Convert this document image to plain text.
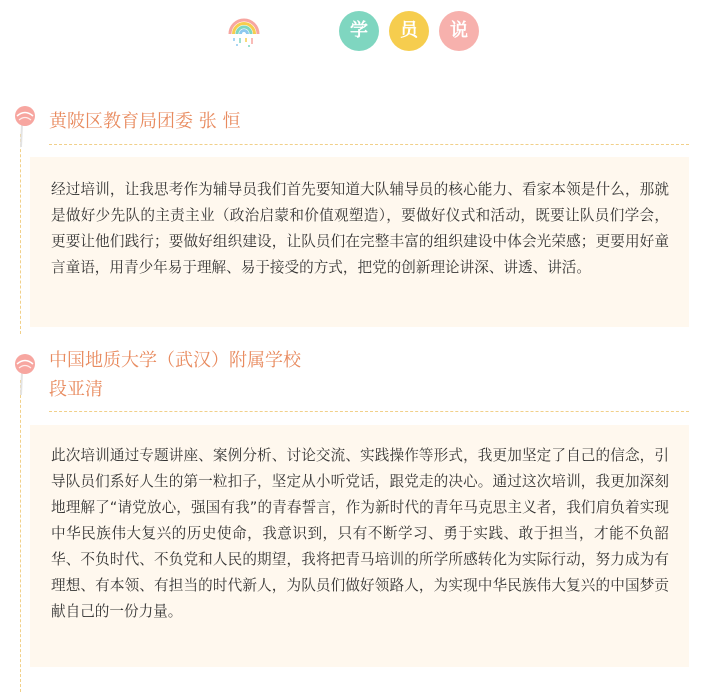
学	员	说
黄陂区教育局团委 张 恒

经过培训，让我思考作为辅导员我们首先要知道大队辅导员的核心能力、看家本领是什么，那就是做好少先队的主责主业（政治启蒙和价值观塑造），要做好仪式和活动，既要让队员们学会，更要让他们践行；要做好组织建设，让队员们在完整丰富的组织建设中体会光荣感；更要用好童言童语，用青少年易于理解、易于接受的方式，把党的创新理论讲深、讲透、讲活。

中国地质大学（武汉）附属学校
段亚清

此次培训通过专题讲座、案例分析、讨论交流、实践操作等形式，我更加坚定了自己的信念，引导队员们系好人生的第一粒扣子，坚定从小听党话，跟党走的决心。通过这次培训，我更加深刻地理解了“请党放心，强国有我”的青春誓言，作为新时代的青年马克思主义者，我们肩负着实现中华民族伟大复兴的历史使命，我意识到，只有不断学习、勇于实践、敢于担当，才能不负韶华、不负时代、不负党和人民的期望，我将把青马培训的所学所感转化为实际行动，努力成为有理想、有本领、有担当的时代新人，为队员们做好领路人，为实现中华民族伟大复兴的中国梦贡献自己的一份力量。
